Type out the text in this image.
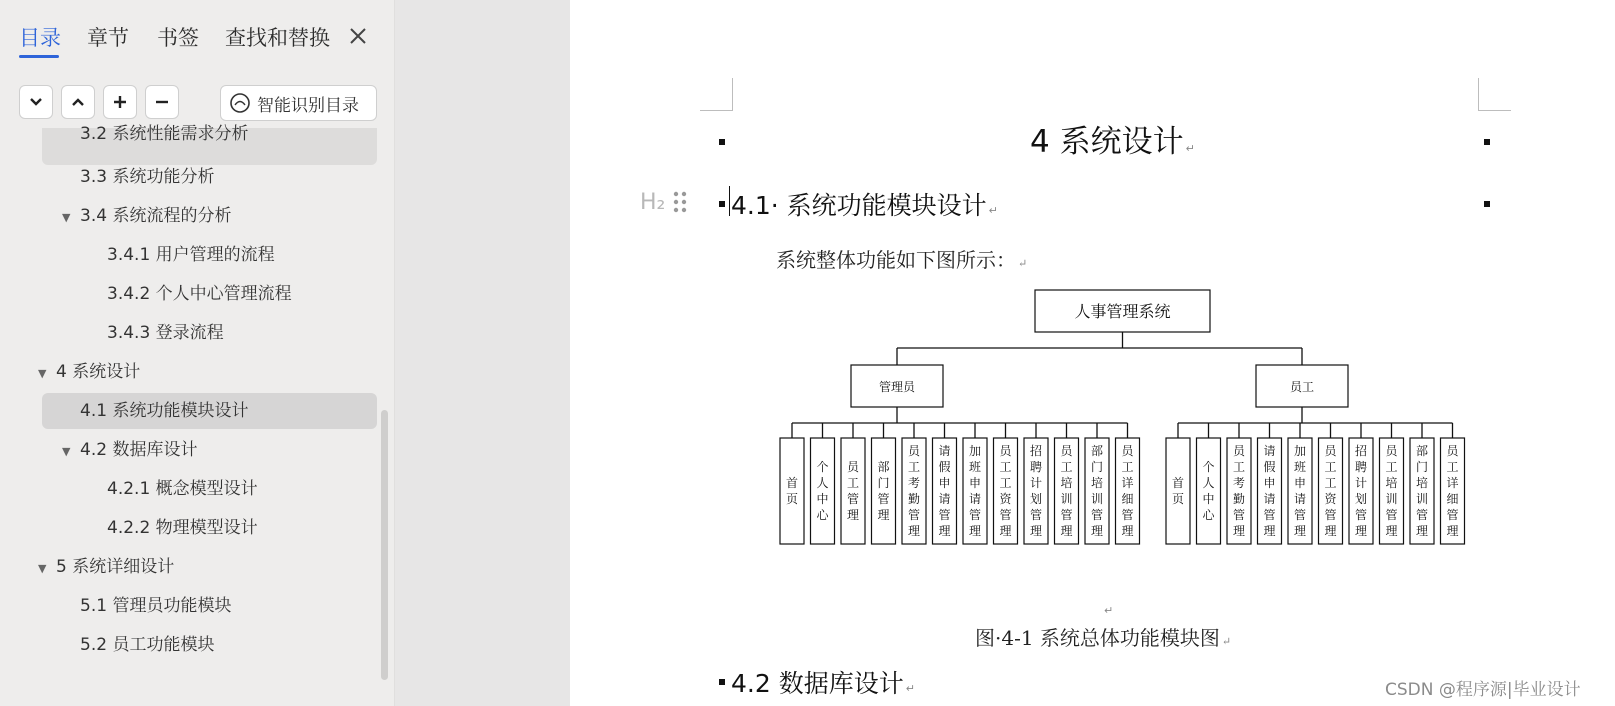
目录 章节 书签 查找和替换
智能识别目录
3.2 系统性能需求分析
3.3 系统功能分析
▼ 3.4 系统流程的分析
3.4.1 用户管理的流程
3.4.2 个人中心管理流程
3.4.3 登录流程
▼ 4 系统设计
4.1 系统功能模块设计
▼ 4.2 数据库设计
4.2.1 概念模型设计
4.2.2 物理模型设计
▼ 5 系统详细设计
5.1 管理员功能模块
5.2 员工功能模块
4 系统设计 ↵
H₂	4.1· 系统功能模块设计 ↵
系统整体功能如下图所示： ↵
人事管理系统
管理员
首页
个人中心
员工管理
部门管理
员工考勤管理
请假申请管理
加班申请管理
员工工资管理
招聘计划管理
员工培训管理
部门培训管理
员工详细管理
员工
首页
个人中心
员工考勤管理
请假申请管理
加班申请管理
员工工资管理
招聘计划管理
员工培训管理
部门培训管理
员工详细管理
↵
图·4-1 系统总体功能模块图 ↵
4.2 数据库设计 ↵	CSDN @程序源|毕业设计
